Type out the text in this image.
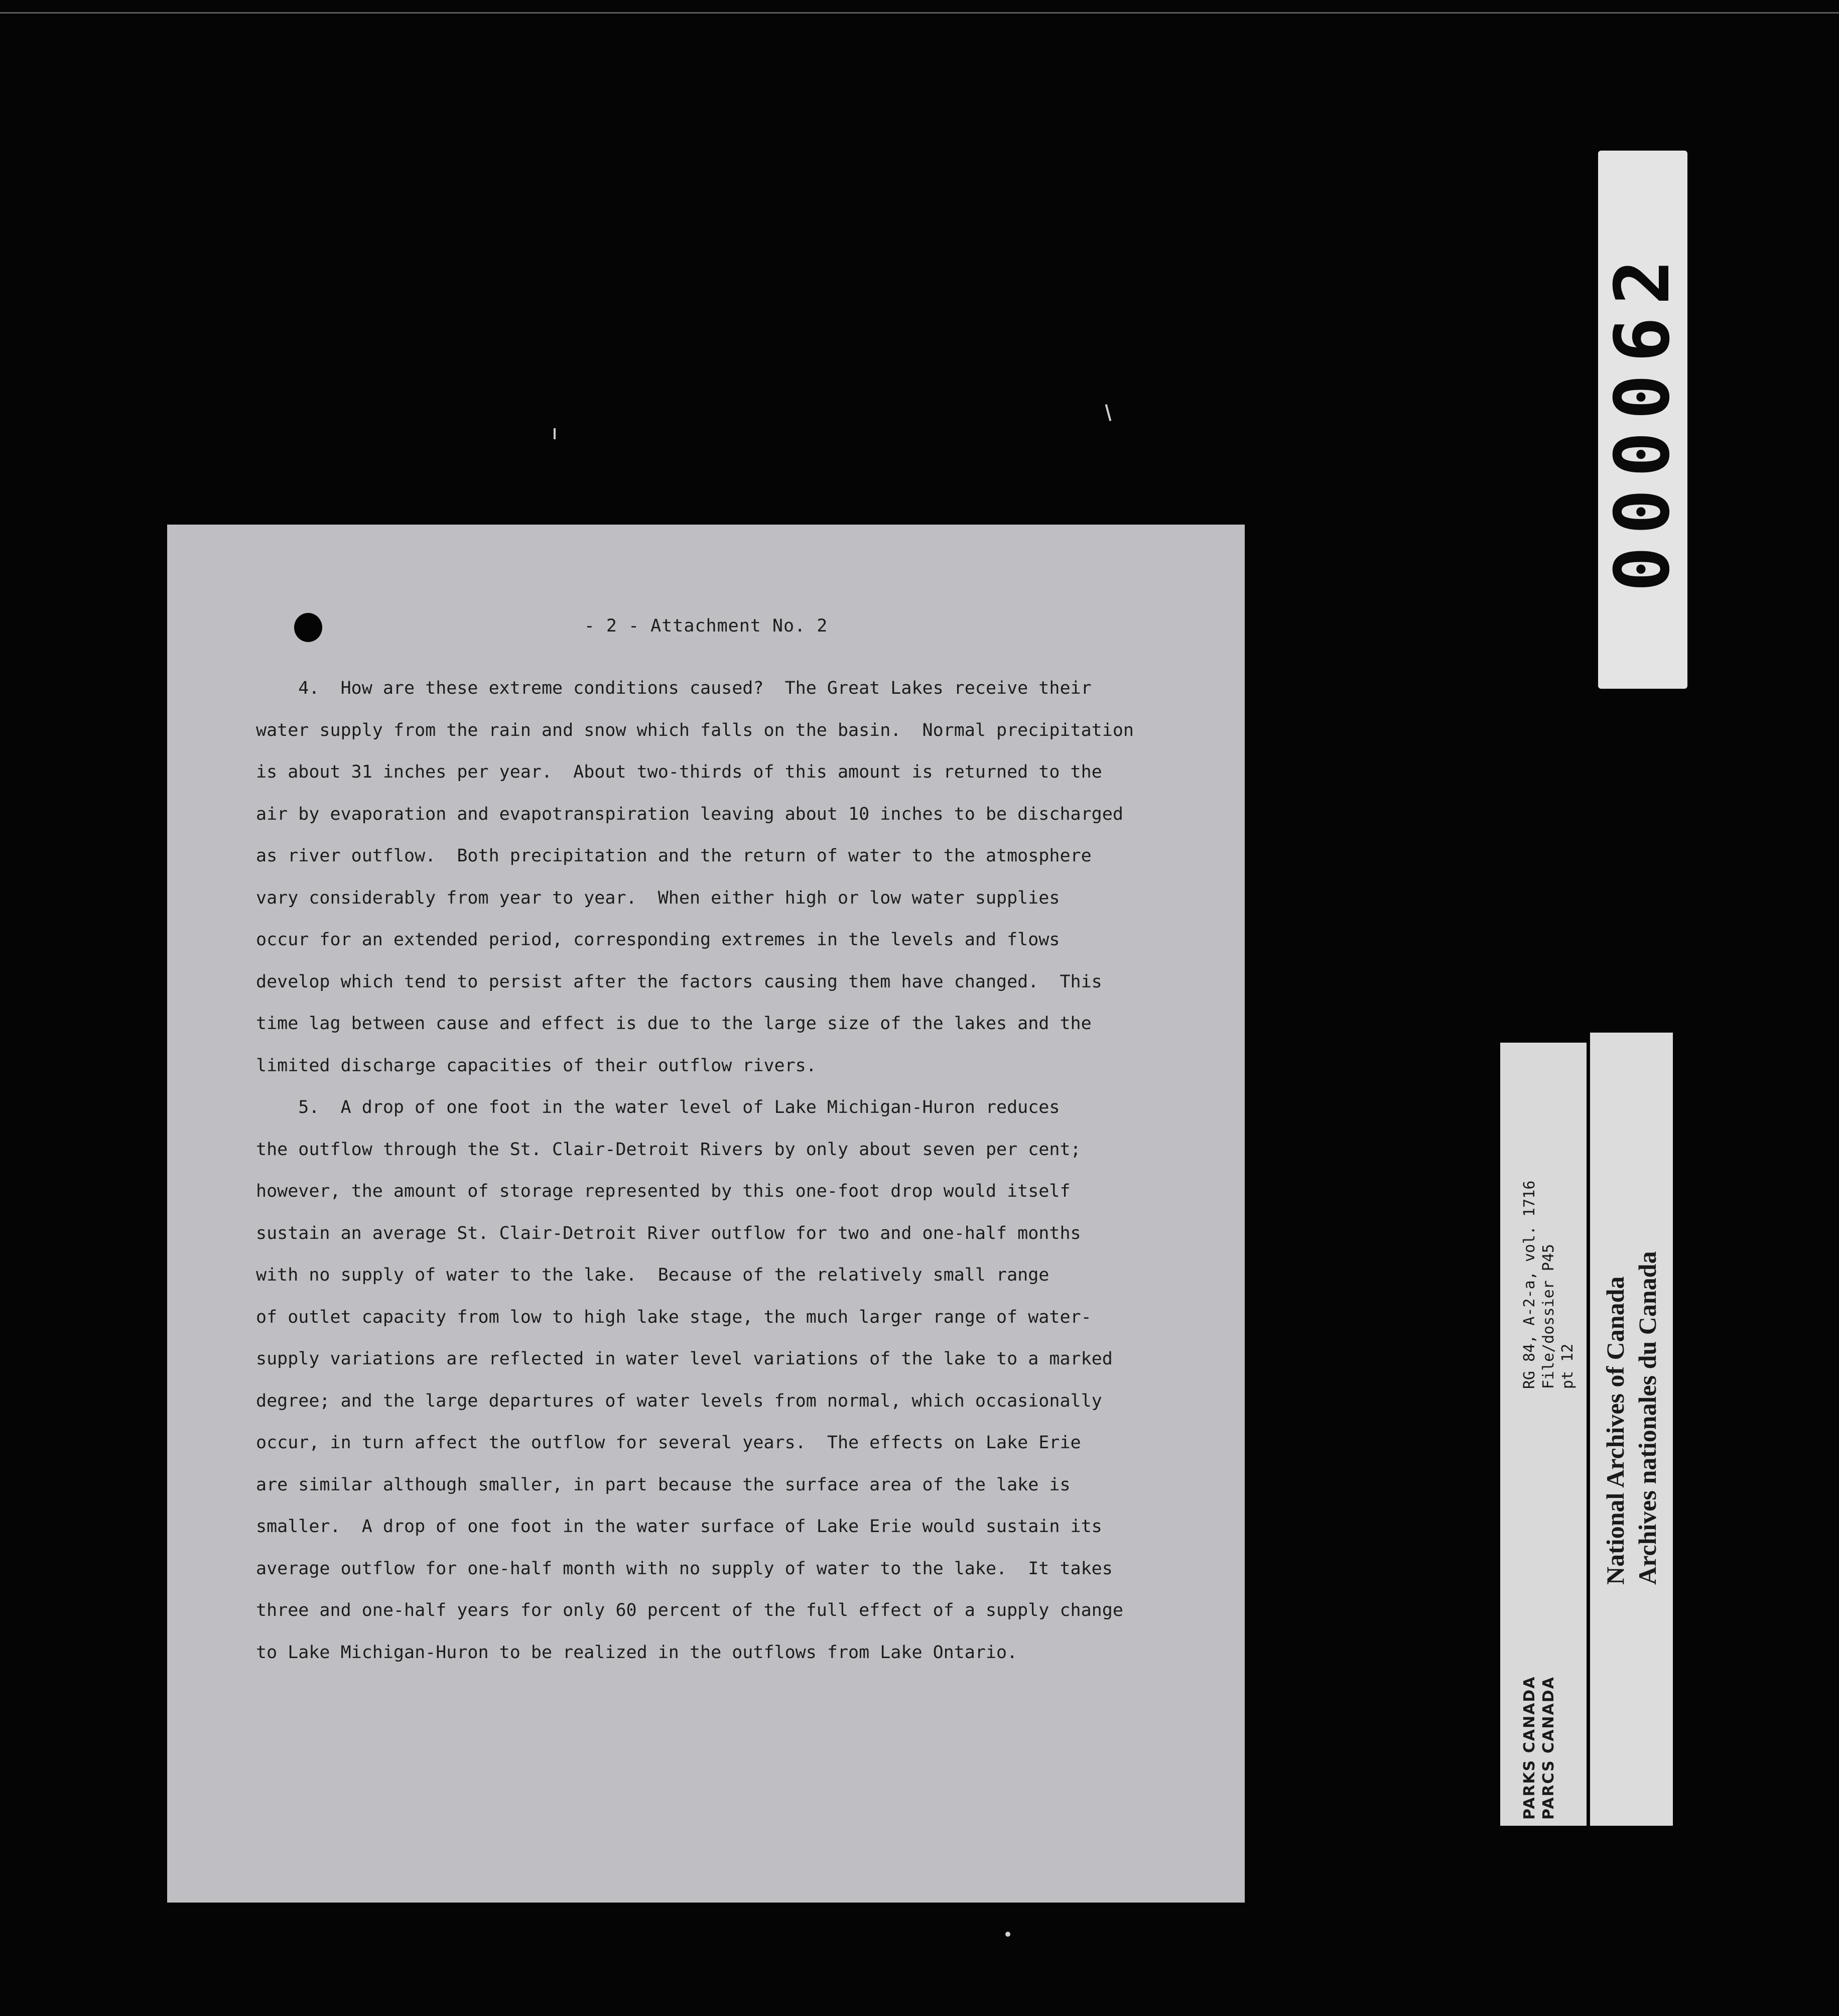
- 2 - Attachment No. 2
4.  How are these extreme conditions caused?  The Great Lakes receive their
water supply from the rain and snow which falls on the basin.  Normal precipitation
is about 31 inches per year.  About two-thirds of this amount is returned to the
air by evaporation and evapotranspiration leaving about 10 inches to be discharged
as river outflow.  Both precipitation and the return of water to the atmosphere
vary considerably from year to year.  When either high or low water supplies
occur for an extended period, corresponding extremes in the levels and flows
develop which tend to persist after the factors causing them have changed.  This
time lag between cause and effect is due to the large size of the lakes and the
limited discharge capacities of their outflow rivers.
5.  A drop of one foot in the water level of Lake Michigan-Huron reduces
the outflow through the St. Clair-Detroit Rivers by only about seven per cent;
however, the amount of storage represented by this one-foot drop would itself
sustain an average St. Clair-Detroit River outflow for two and one-half months
with no supply of water to the lake.  Because of the relatively small range
of outlet capacity from low to high lake stage, the much larger range of water-
supply variations are reflected in water level variations of the lake to a marked
degree; and the large departures of water levels from normal, which occasionally
occur, in turn affect the outflow for several years.  The effects on Lake Erie
are similar although smaller, in part because the surface area of the lake is
smaller.  A drop of one foot in the water surface of Lake Erie would sustain its
average outflow for one-half month with no supply of water to the lake.  It takes
three and one-half years for only 60 percent of the full effect of a supply change
to Lake Michigan-Huron to be realized in the outflows from Lake Ontario.
000062
RG 84, A-2-a, vol. 1716 File/dossier P45 pt 12
PARKS CANADA PARCS CANADA
National Archives of Canada Archives nationales du Canada
